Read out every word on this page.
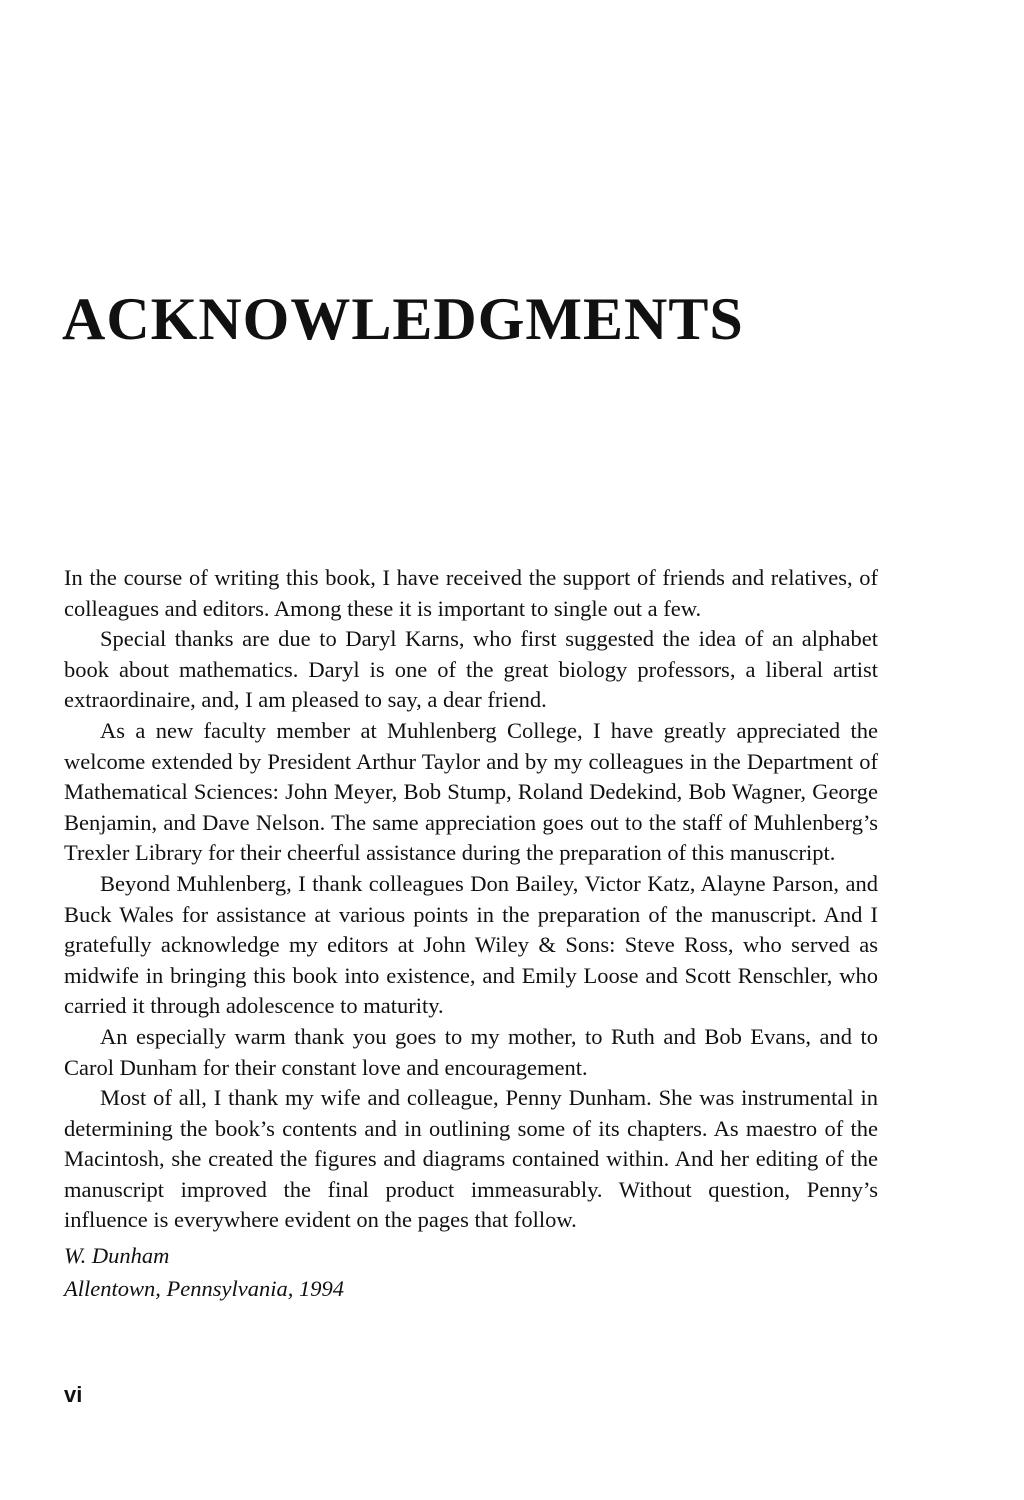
ACKNOWLEDGMENTS

In the course of writing this book, I have received the support of friends and relatives, of colleagues and editors. Among these it is important to single out a few.

Special thanks are due to Daryl Karns, who first suggested the idea of an alphabet book about mathematics. Daryl is one of the great biology professors, a liberal artist extraordinaire, and, I am pleased to say, a dear friend.

As a new faculty member at Muhlenberg College, I have greatly appreciated the welcome extended by President Arthur Taylor and by my colleagues in the Department of Mathematical Sciences: John Meyer, Bob Stump, Roland Dedekind, Bob Wagner, George Benjamin, and Dave Nelson. The same appreciation goes out to the staff of Muhlenberg’s Trexler Library for their cheerful assistance during the preparation of this manuscript.

Beyond Muhlenberg, I thank colleagues Don Bailey, Victor Katz, Alayne Parson, and Buck Wales for assistance at various points in the preparation of the manuscript. And I gratefully acknowledge my editors at John Wiley & Sons: Steve Ross, who served as midwife in bringing this book into existence, and Emily Loose and Scott Renschler, who carried it through adolescence to maturity.

An especially warm thank you goes to my mother, to Ruth and Bob Evans, and to Carol Dunham for their constant love and encouragement.

Most of all, I thank my wife and colleague, Penny Dunham. She was instrumental in determining the book’s contents and in outlining some of its chapters. As maestro of the Macintosh, she created the figures and diagrams contained within. And her editing of the manuscript improved the final product immeasurably. Without question, Penny’s influence is everywhere evident on the pages that follow.

W. Dunham
Allentown, Pennsylvania, 1994
vi
